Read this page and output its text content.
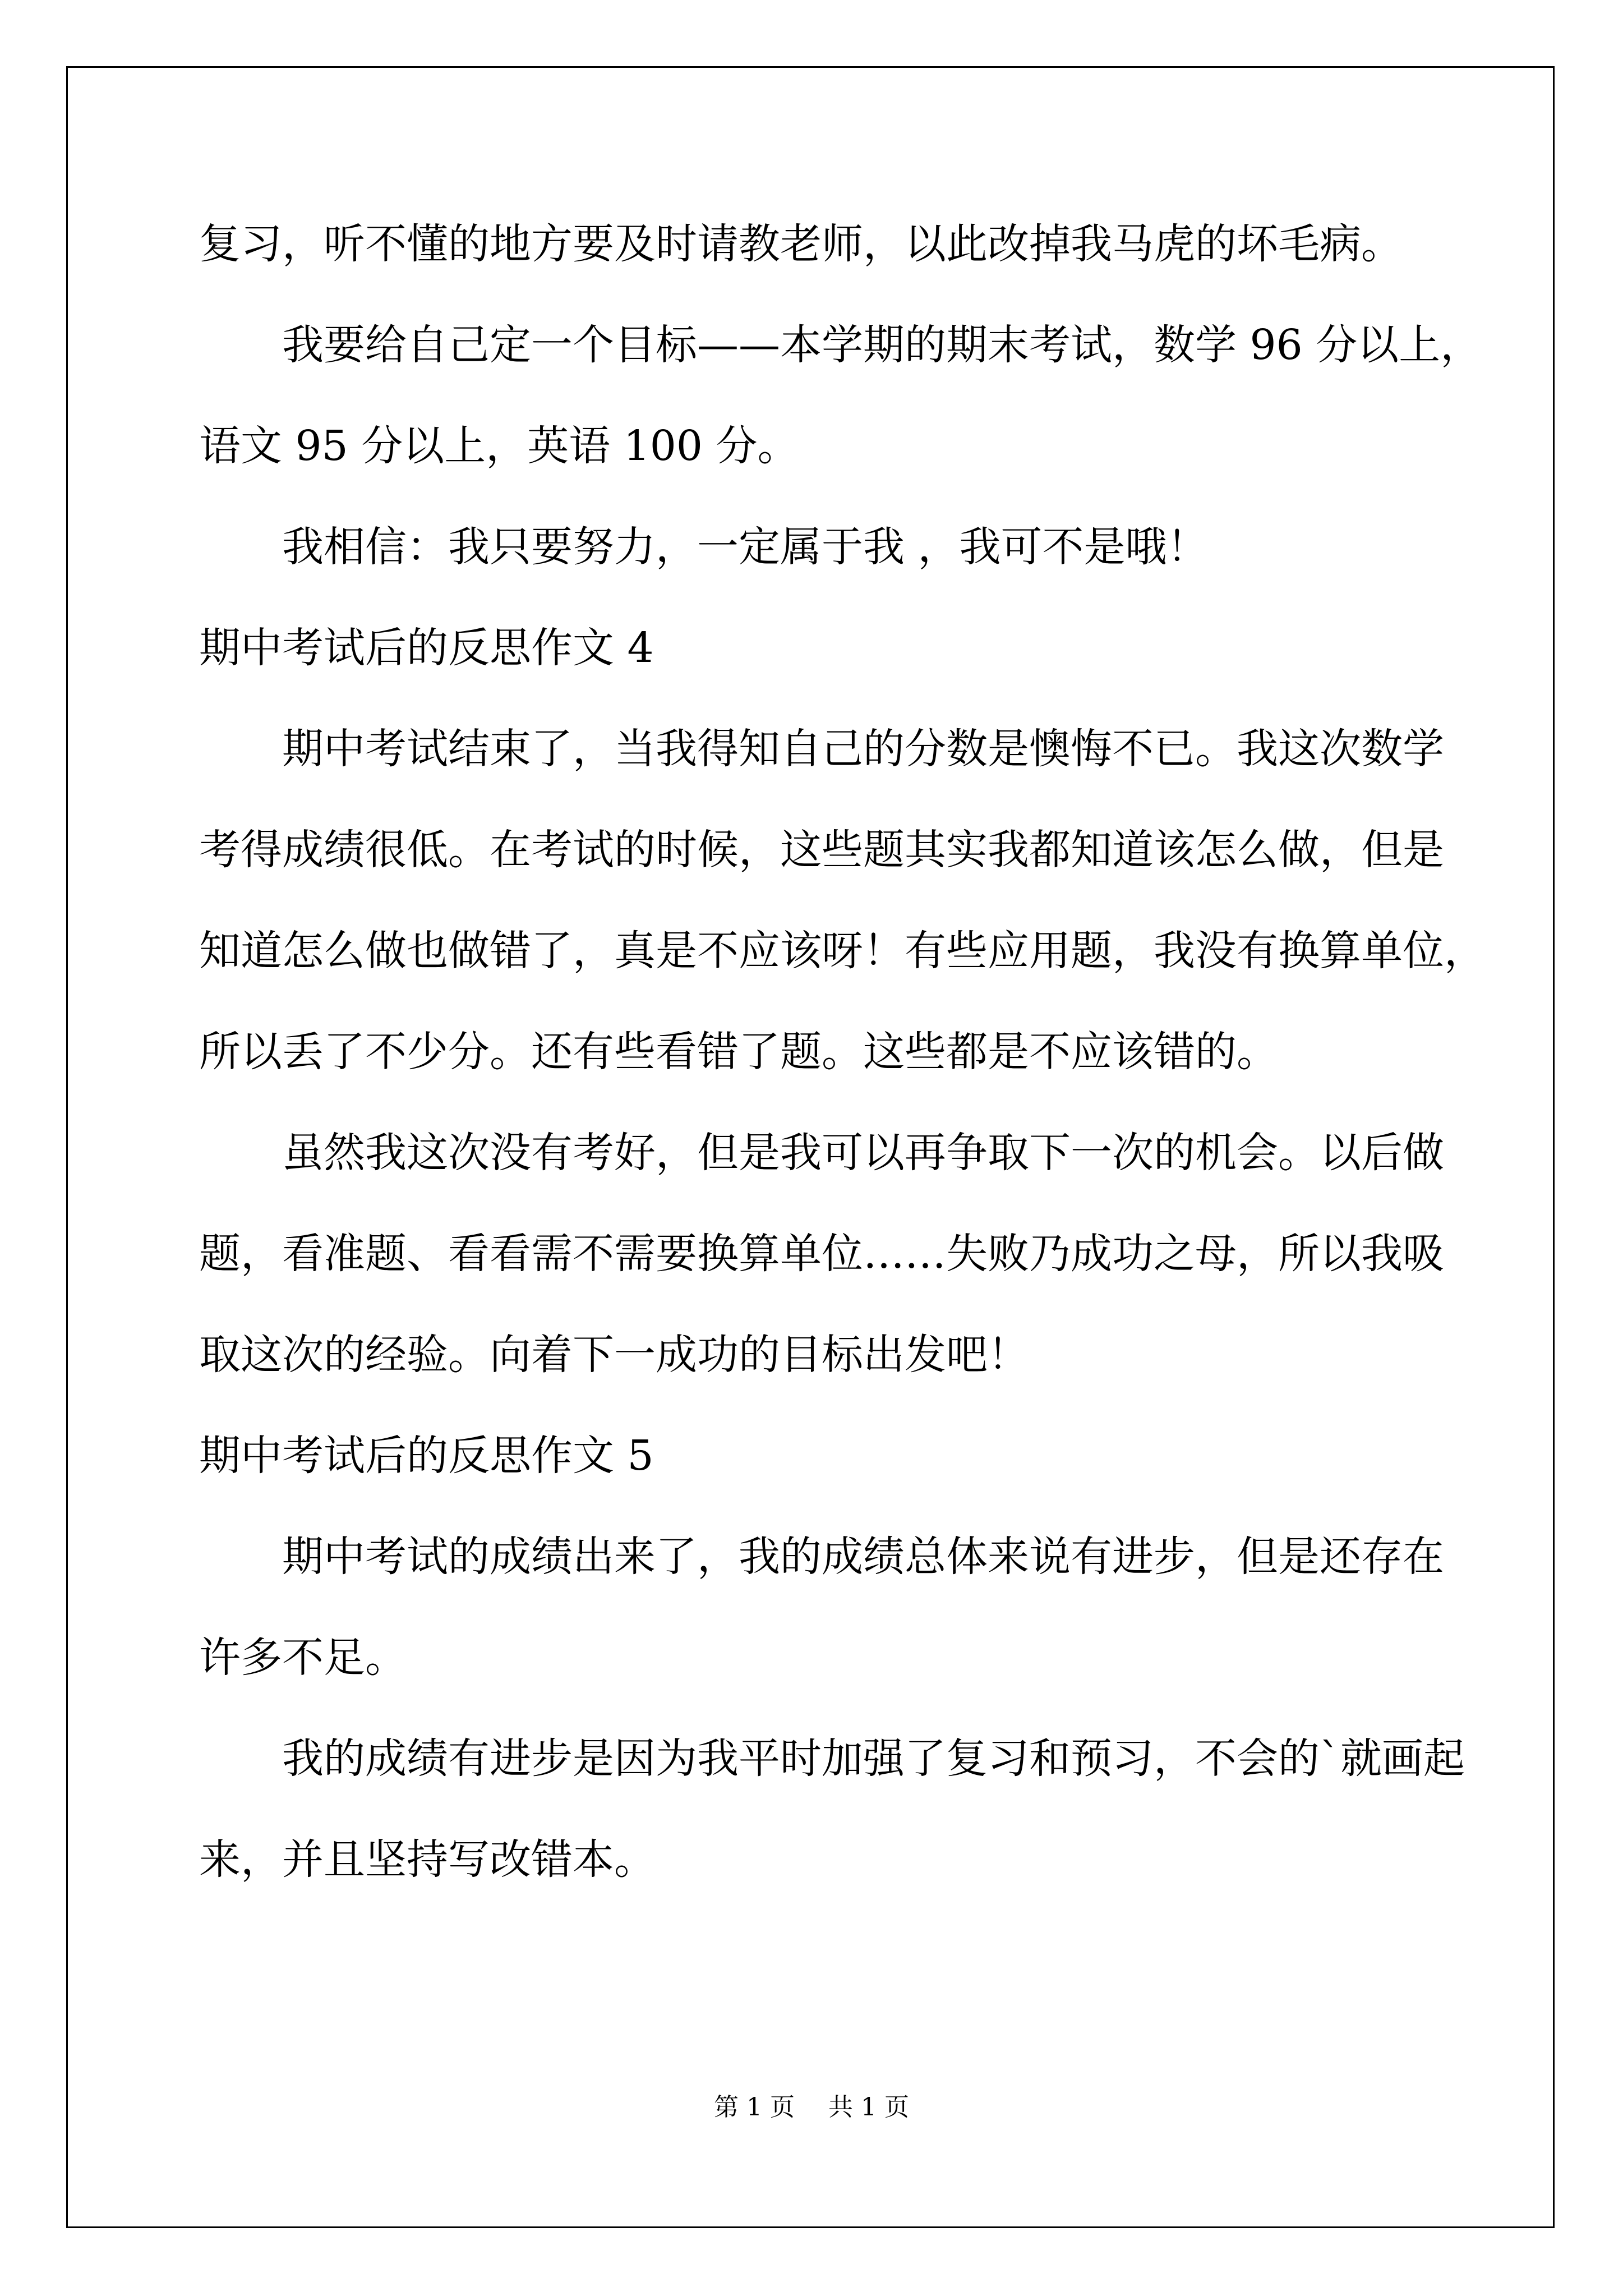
复习，听不懂的地方要及时请教老师，以此改掉我马虎的坏毛病。
我要给自己定一个目标——本学期的期末考试，数学 96 分以上，
语文 95 分以上，英语 100 分。
我相信：我只要努力，一定属于我 ，我可不是哦！
期中考试后的反思作文 4
期中考试结束了，当我得知自己的分数是懊悔不已。我这次数学
考得成绩很低。在考试的时候，这些题其实我都知道该怎么做，但是
知道怎么做也做错了，真是不应该呀！有些应用题，我没有换算单位，
所以丢了不少分。还有些看错了题。这些都是不应该错的。
虽然我这次没有考好，但是我可以再争取下一次的机会。以后做
题，看准题、看看需不需要换算单位……失败乃成功之母，所以我吸
取这次的经验。向着下一成功的目标出发吧！
期中考试后的反思作文 5
期中考试的成绩出来了，我的成绩总体来说有进步，但是还存在
许多不足。
我的成绩有进步是因为我平时加强了复习和预习，不会的`就画起
来，并且坚持写改错本。
第 1 页 共 1 页
